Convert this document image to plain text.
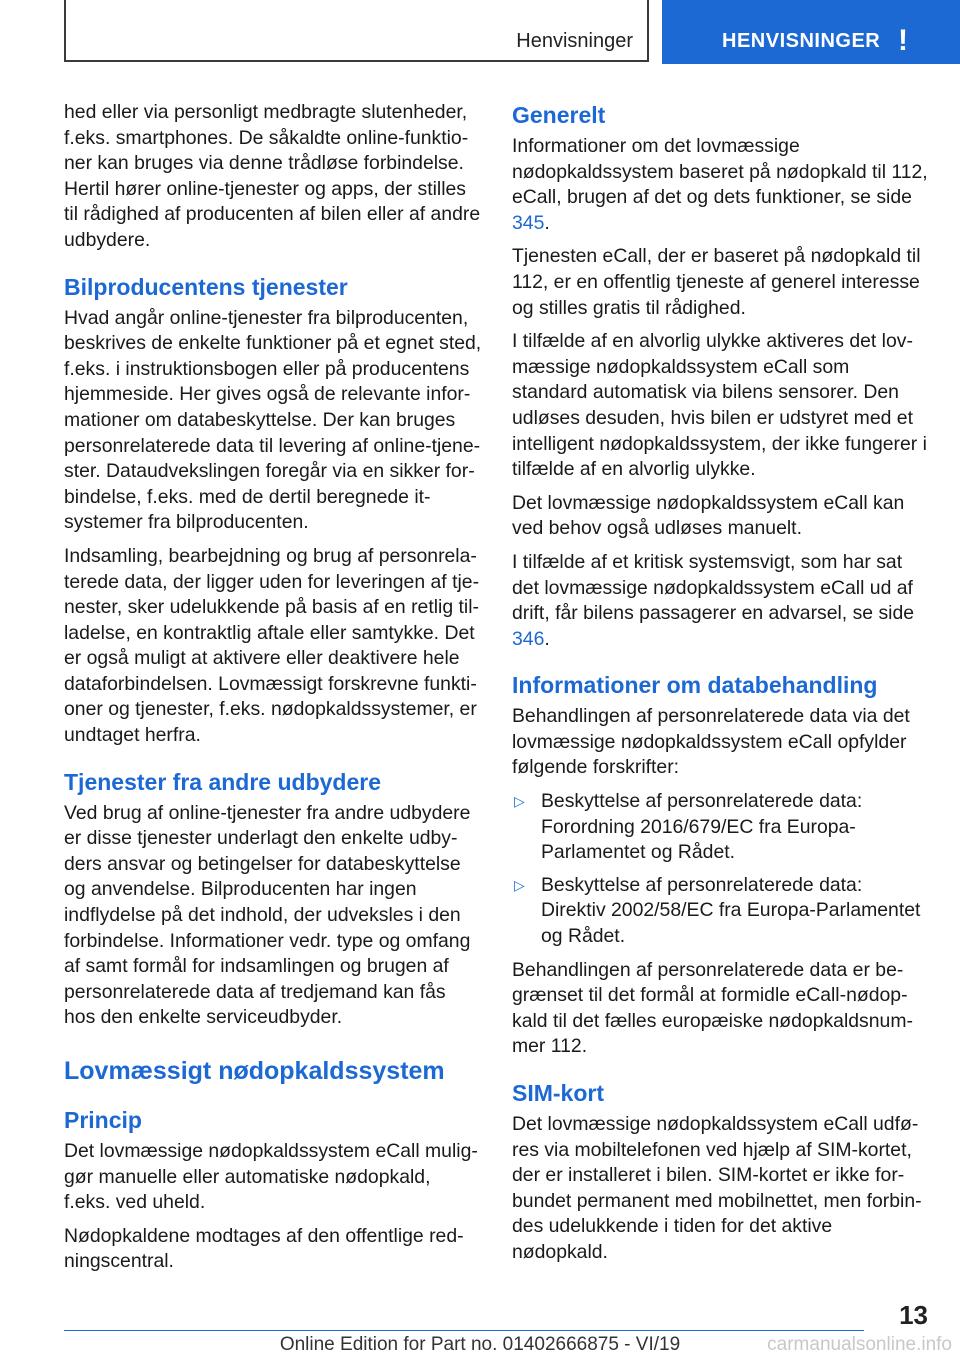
Henvisninger	HENVISNINGER !

hed eller via personligt medbragte slutenheder, f.eks. smartphones. De såkaldte online-funktioner kan bruges via denne trådløse forbindelse. Hertil hører online-tjenester og apps, der stilles til rådighed af producenten af bilen eller af andre udbydere.

Bilproducentens tjenester

Hvad angår online-tjenester fra bilproducenten, beskrives de enkelte funktioner på et egnet sted, f.eks. i instruktionsbogen eller på producentens hjemmeside. Her gives også de relevante informationer om databeskyttelse. Der kan bruges personrelaterede data til levering af online-tjenester. Dataudvekslingen foregår via en sikker forbindelse, f.eks. med de dertil beregnede it-systemer fra bilproducenten.

Indsamling, bearbejdning og brug af personrelaterede data, der ligger uden for leveringen af tjenester, sker udelukkende på basis af en retlig tilladelse, en kontraktlig aftale eller samtykke. Det er også muligt at aktivere eller deaktivere hele dataforbindelsen. Lovmæssigt forskrevne funktioner og tjenester, f.eks. nødopkaldssystemer, er undtaget herfra.

Tjenester fra andre udbydere

Ved brug af online-tjenester fra andre udbydere er disse tjenester underlagt den enkelte udbyders ansvar og betingelser for databeskyttelse og anvendelse. Bilproducenten har ingen indflydelse på det indhold, der udveksles i den forbindelse. Informationer vedr. type og omfang af samt formål for indsamlingen og brugen af personrelaterede data af tredjemand kan fås hos den enkelte serviceudbyder.

Lovmæssigt nødopkaldssystem
Princip

Det lovmæssige nødopkaldssystem eCall muliggør manuelle eller automatiske nødopkald, f.eks. ved uheld.

Nødopkaldene modtages af den offentlige redningscentral.

Generelt

Informationer om det lovmæssige nødopkaldssystem baseret på nødopkald til 112, eCall, brugen af det og dets funktioner, se side 345.

Tjenesten eCall, der er baseret på nødopkald til 112, er en offentlig tjeneste af generel interesse og stilles gratis til rådighed.

I tilfælde af en alvorlig ulykke aktiveres det lovmæssige nødopkaldssystem eCall som standard automatisk via bilens sensorer. Den udløses desuden, hvis bilen er udstyret med et intelligent nødopkaldssystem, der ikke fungerer i tilfælde af en alvorlig ulykke.

Det lovmæssige nødopkaldssystem eCall kan ved behov også udløses manuelt.

I tilfælde af et kritisk systemsvigt, som har sat det lovmæssige nødopkaldssystem eCall ud af drift, får bilens passagerer en advarsel, se side 346.

Informationer om databehandling

Behandlingen af personrelaterede data via det lovmæssige nødopkaldssystem eCall opfylder følgende forskrifter:

▷ Beskyttelse af personrelaterede data: Forordning 2016/679/EC fra Europa-Parlamentet og Rådet.
▷ Beskyttelse af personrelaterede data: Direktiv 2002/58/EC fra Europa-Parlamentet og Rådet.

Behandlingen af personrelaterede data er begrænset til det formål at formidle eCall-nødopkald til det fælles europæiske nødopkaldsnummer 112.

SIM-kort

Det lovmæssige nødopkaldssystem eCall udføres via mobiltelefonen ved hjælp af SIM-kortet, der er installeret i bilen. SIM-kortet er ikke forbundet permanent med mobilnettet, men forbindes udelukkende i tiden for det aktive nødopkald.

13
Online Edition for Part no. 01402666875 - VI/19	carmanualsonline.info
